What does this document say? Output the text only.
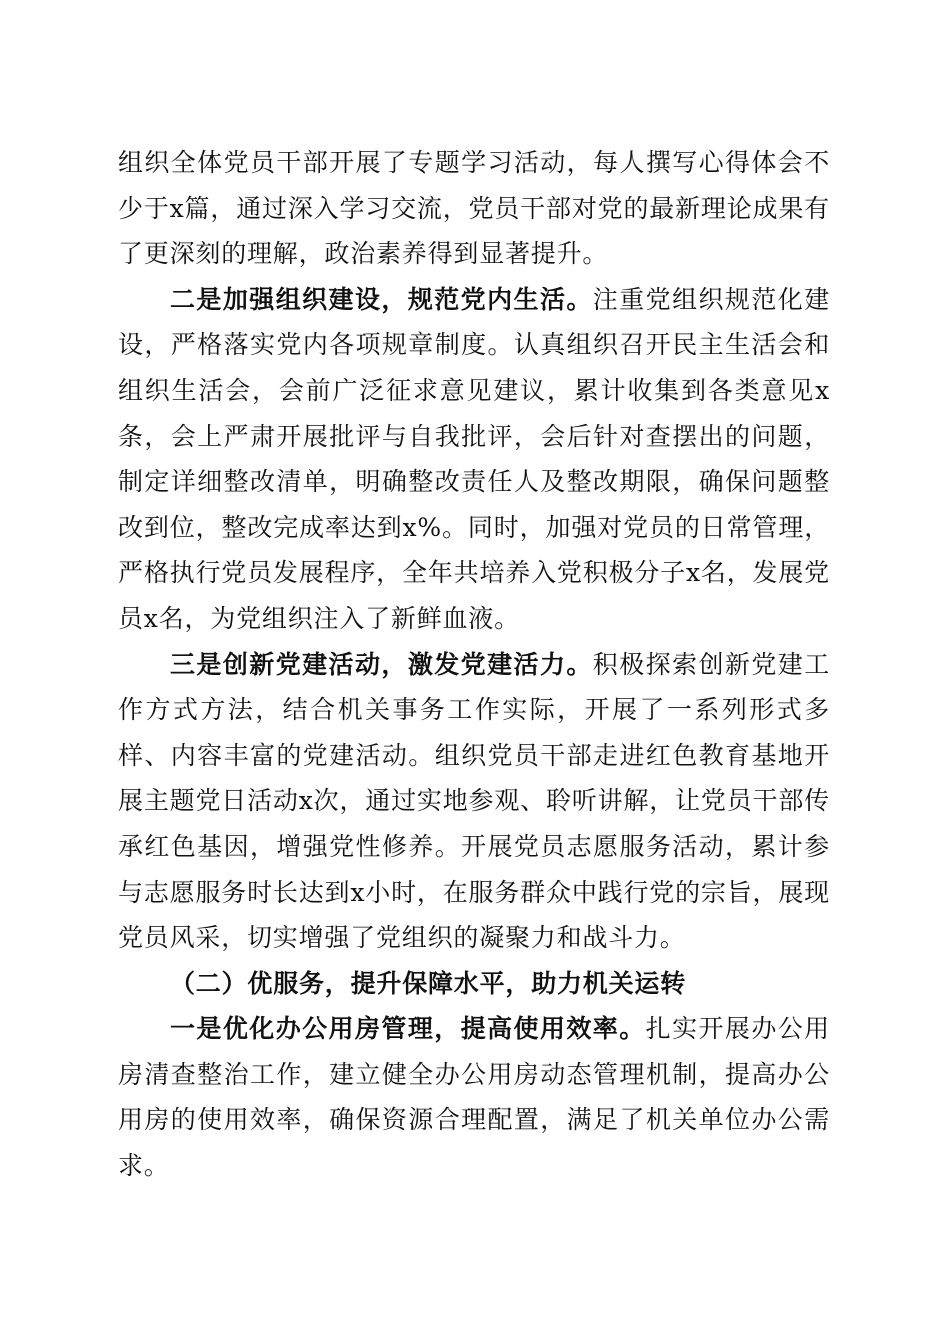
组织全体党员干部开展了专题学习活动，每人撰写心得体会不少于x篇，通过深入学习交流，党员干部对党的最新理论成果有了更深刻的理解，政治素养得到显著提升。

二是加强组织建设，规范党内生活。注重党组织规范化建设，严格落实党内各项规章制度。认真组织召开民主生活会和组织生活会，会前广泛征求意见建议，累计收集到各类意见x条，会上严肃开展批评与自我批评，会后针对查摆出的问题，制定详细整改清单，明确整改责任人及整改期限，确保问题整改到位，整改完成率达到x%。同时，加强对党员的日常管理，严格执行党员发展程序，全年共培养入党积极分子x名，发展党员x名，为党组织注入了新鲜血液。

三是创新党建活动，激发党建活力。积极探索创新党建工作方式方法，结合机关事务工作实际，开展了一系列形式多样、内容丰富的党建活动。组织党员干部走进红色教育基地开展主题党日活动x次，通过实地参观、聆听讲解，让党员干部传承红色基因，增强党性修养。开展党员志愿服务活动，累计参与志愿服务时长达到x小时，在服务群众中践行党的宗旨，展现党员风采，切实增强了党组织的凝聚力和战斗力。

（二）优服务，提升保障水平，助力机关运转

一是优化办公用房管理，提高使用效率。扎实开展办公用房清查整治工作，建立健全办公用房动态管理机制，提高办公用房的使用效率，确保资源合理配置，满足了机关单位办公需求。
